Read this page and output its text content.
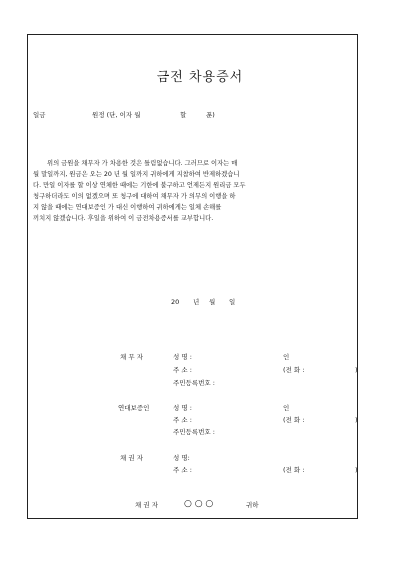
금전 차용증서
일금	원정 (단, 이자 월	할	푼)
위의 금원을 채무자 가 차용한 것은 틀림없습니다. 그러므로 이자는 매
월 말일까지, 원금은 오는 20 년 월 일까지 귀하에게 지참하여 반제하겠습니
다. 만일 이자를 할 이상 연체한 때에는 기한에 불구하고 언제든지 원리금 모두
청구하더라도 이의 없겠으며 또 청구에 대하여 채무자 가 의무의 이행을 하
지 않을 때에는 연대보증인 가 대신 이행하여 귀하에게는 일체 손해를
끼치지 않겠습니다. 후일을 위하여 이 금전차용증서를 교부합니다.
20 년 월 일
채 무 자	성 명 :	인
주 소 :	(전 화 :	)
주민등록번호 :
연대보증인	성 명 :	인
주 소 :	(전 화 :	)
주민등록번호 :
채 권 자	성 명:
주 소 :	(전 화 :	)
채 권 자	○ ○ ○	귀하
